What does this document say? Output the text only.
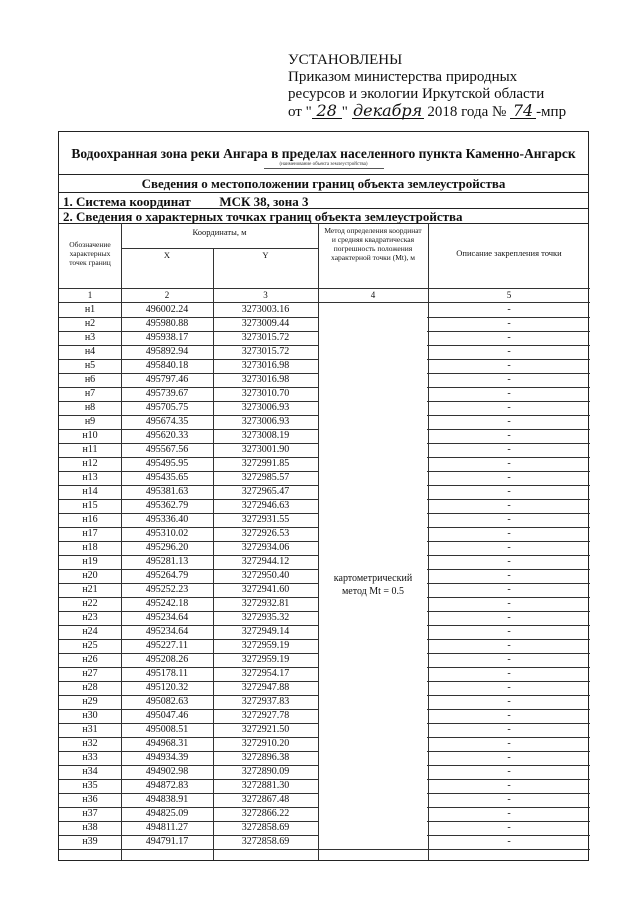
УСТАНОВЛЕНЫ
Приказом министерства природных
ресурсов и экологии Иркутской области
от " 28 " декабря 2018 года № 74 -мпр
Водоохранная зона реки Ангара в пределах населенного пункта Каменно-Ангарск
(наименование объекта землеустройства)
Сведения о местоположении границ объекта землеустройства
1. Система координат МСК 38, зона 3
2. Сведения о характерных точках границ объекта землеустройства
Обозначение характерных точек границ
Координаты, м
X	Y
Метод определения координат и средняя квадратическая погрешность положения характерной точки (Mt), м	Описание закрепления точки
1	2	3	4	5
н1	496002.24	3273003.16	-
н2	495980.88	3273009.44	-
н3	495938.17	3273015.72	-
н4	495892.94	3273015.72	-
н5	495840.18	3273016.98	-
н6	495797.46	3273016.98	-
н7	495739.67	3273010.70	-
н8	495705.75	3273006.93	-
н9	495674.35	3273006.93	-
н10	495620.33	3273008.19	-
н11	495567.56	3273001.90	-
н12	495495.95	3272991.85	-
н13	495435.65	3272985.57	-
н14	495381.63	3272965.47	-
н15	495362.79	3272946.63	-
н16	495336.40	3272931.55	-
н17	495310.02	3272926.53	-
н18	495296.20	3272934.06	-
н19	495281.13	3272944.12	-
н20	495264.79	3272950.40	-
н21	495252.23	3272941.60	-
н22	495242.18	3272932.81	-
н23	495234.64	3272935.32	-
н24	495234.64	3272949.14	-
н25	495227.11	3272959.19	-
н26	495208.26	3272959.19	-
н27	495178.11	3272954.17	-
н28	495120.32	3272947.88	-
н29	495082.63	3272937.83	-
н30	495047.46	3272927.78	-
н31	495008.51	3272921.50	-
н32	494968.31	3272910.20	-
н33	494934.39	3272896.38	-
н34	494902.98	3272890.09	-
н35	494872.83	3272881.30	-
н36	494838.91	3272867.48	-
н37	494825.09	3272866.22	-
н38	494811.27	3272858.69	-
н39	494791.17	3272858.69	-
картометрический
метод Mt = 0.5
